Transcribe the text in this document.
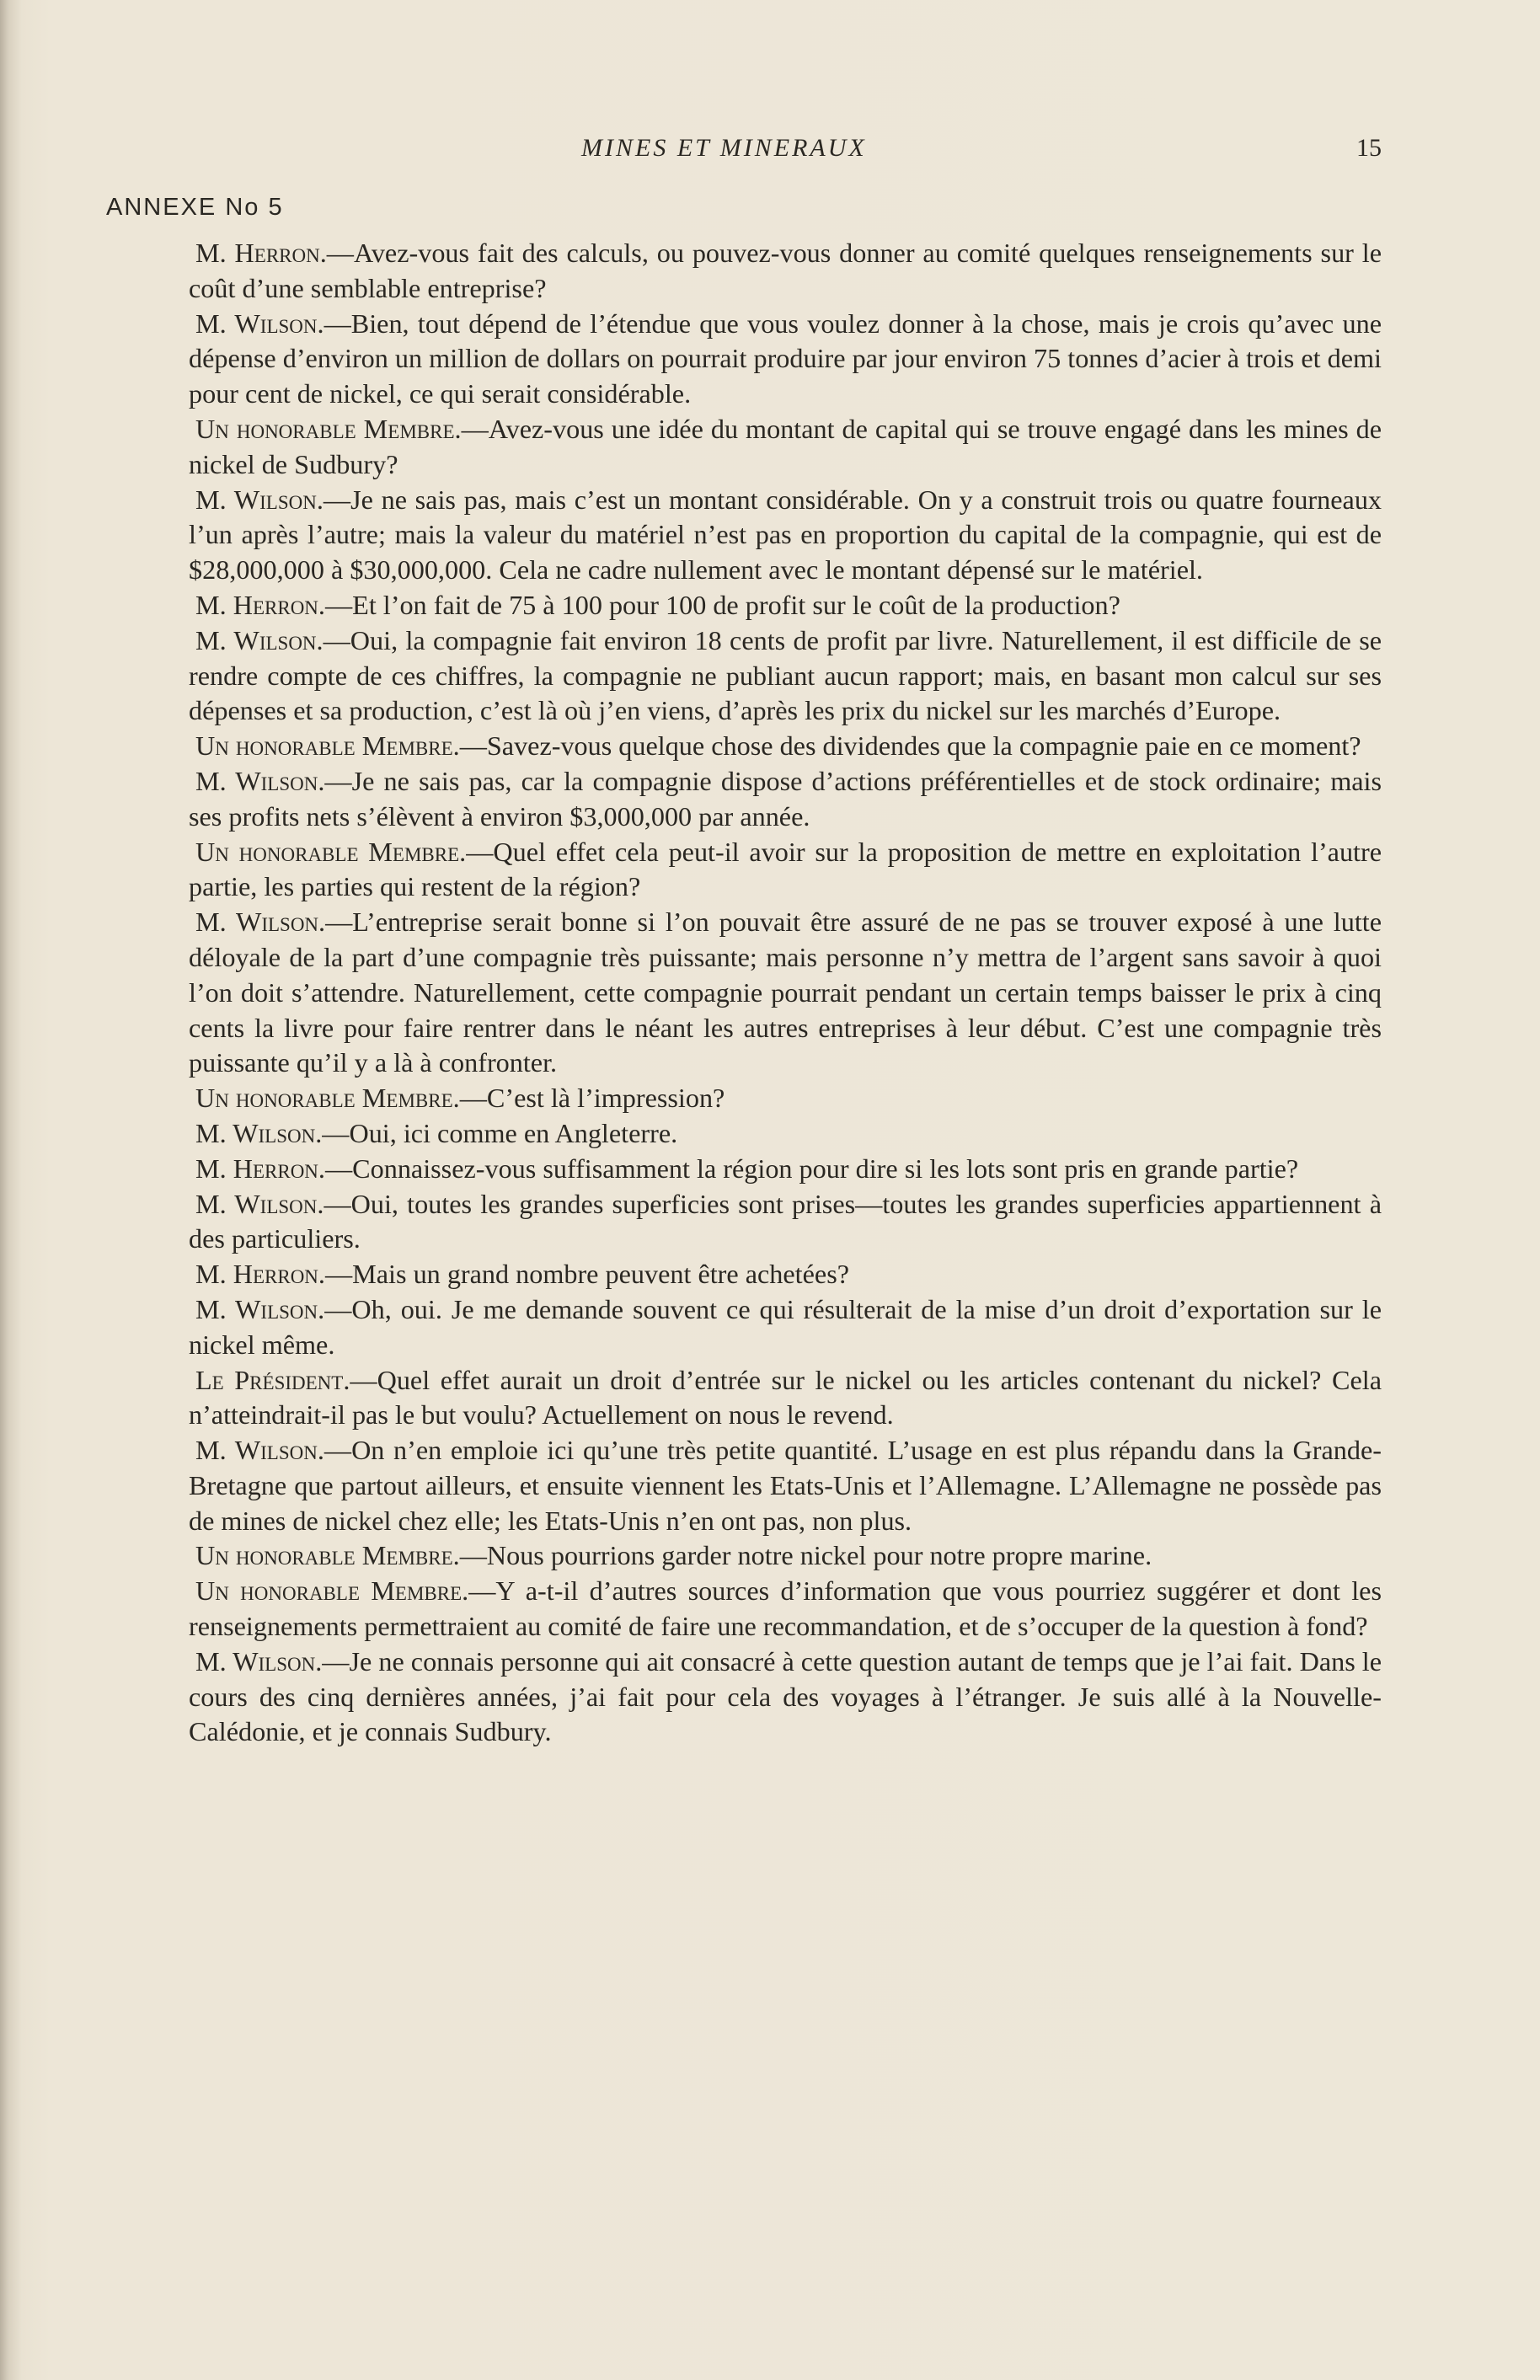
MINES ET MINERAUX	15
ANNEXE No 5

M. Herron.—Avez-vous fait des calculs, ou pouvez-vous donner au comité quelques renseignements sur le coût d’une semblable entreprise?

M. Wilson.—Bien, tout dépend de l’étendue que vous voulez donner à la chose, mais je crois qu’avec une dépense d’environ un million de dollars on pourrait produire par jour environ 75 tonnes d’acier à trois et demi pour cent de nickel, ce qui serait considérable.

Un honorable Membre.—Avez-vous une idée du montant de capital qui se trouve engagé dans les mines de nickel de Sudbury?

M. Wilson.—Je ne sais pas, mais c’est un montant considérable. On y a construit trois ou quatre fourneaux l’un après l’autre; mais la valeur du matériel n’est pas en proportion du capital de la compagnie, qui est de $28,000,000 à $30,000,000. Cela ne cadre nullement avec le montant dépensé sur le matériel.

M. Herron.—Et l’on fait de 75 à 100 pour 100 de profit sur le coût de la production?

M. Wilson.—Oui, la compagnie fait environ 18 cents de profit par livre. Naturellement, il est difficile de se rendre compte de ces chiffres, la compagnie ne publiant aucun rapport; mais, en basant mon calcul sur ses dépenses et sa production, c’est là où j’en viens, d’après les prix du nickel sur les marchés d’Europe.

Un honorable Membre.—Savez-vous quelque chose des dividendes que la compagnie paie en ce moment?

M. Wilson.—Je ne sais pas, car la compagnie dispose d’actions préférentielles et de stock ordinaire; mais ses profits nets s’élèvent à environ $3,000,000 par année.

Un honorable Membre.—Quel effet cela peut-il avoir sur la proposition de mettre en exploitation l’autre partie, les parties qui restent de la région?

M. Wilson.—L’entreprise serait bonne si l’on pouvait être assuré de ne pas se trouver exposé à une lutte déloyale de la part d’une compagnie très puissante; mais personne n’y mettra de l’argent sans savoir à quoi l’on doit s’attendre. Naturellement, cette compagnie pourrait pendant un certain temps baisser le prix à cinq cents la livre pour faire rentrer dans le néant les autres entreprises à leur début. C’est une compagnie très puissante qu’il y a là à confronter.

Un honorable Membre.—C’est là l’impression?

M. Wilson.—Oui, ici comme en Angleterre.

M. Herron.—Connaissez-vous suffisamment la région pour dire si les lots sont pris en grande partie?

M. Wilson.—Oui, toutes les grandes superficies sont prises—toutes les grandes superficies appartiennent à des particuliers.

M. Herron.—Mais un grand nombre peuvent être achetées?

M. Wilson.—Oh, oui. Je me demande souvent ce qui résulterait de la mise d’un droit d’exportation sur le nickel même.

Le Président.—Quel effet aurait un droit d’entrée sur le nickel ou les articles contenant du nickel? Cela n’atteindrait-il pas le but voulu? Actuellement on nous le revend.

M. Wilson.—On n’en emploie ici qu’une très petite quantité. L’usage en est plus répandu dans la Grande-Bretagne que partout ailleurs, et ensuite viennent les Etats-Unis et l’Allemagne. L’Allemagne ne possède pas de mines de nickel chez elle; les Etats-Unis n’en ont pas, non plus.

Un honorable Membre.—Nous pourrions garder notre nickel pour notre propre marine.

Un honorable Membre.—Y a-t-il d’autres sources d’information que vous pourriez suggérer et dont les renseignements permettraient au comité de faire une recommandation, et de s’occuper de la question à fond?

M. Wilson.—Je ne connais personne qui ait consacré à cette question autant de temps que je l’ai fait. Dans le cours des cinq dernières années, j’ai fait pour cela des voyages à l’étranger. Je suis allé à la Nouvelle-Calédonie, et je connais Sudbury.
